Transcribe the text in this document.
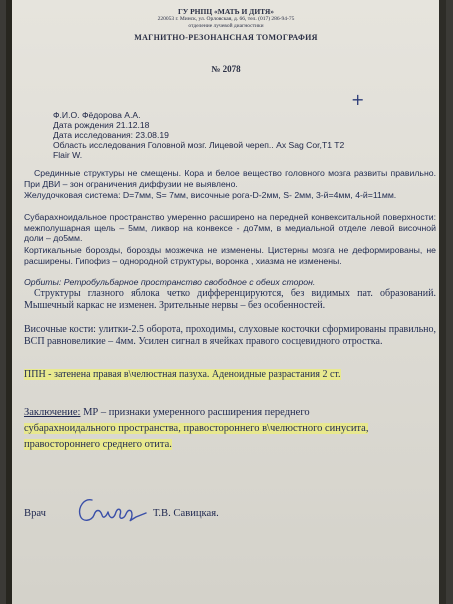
ГУ РНПЦ «МАТЬ И ДИТЯ»
220053 г. Минск, ул. Орловская, д. 66, тел. (017) 286-94-75
отделение лучевой диагностики
МАГНИТНО-РЕЗОНАНСНАЯ ТОМОГРАФИЯ
№ 2078
+
Ф.И.О. Фёдорова А.А.
Дата рождения 21.12.18
Дата исследования: 23.08.19
Область исследования Головной мозг. Лицевой череп.. Ax Sag Cor,T1 T2
Flair W.
Срединные структуры не смещены. Кора и белое вещество головного мозга развиты правильно. При ДВИ – зон ограничения диффузии не выявлено.
Желудочковая система: D=7мм, S= 7мм, височные рога-D-2мм, S- 2мм, 3-й=4мм, 4-й=11мм.
Субарахноидальное пространство умеренно расширено на передней конвекситальной поверхности: межполушарная щель – 5мм, ликвор на конвексе - до7мм, в медиальной отделе левой височной доли – до5мм.
Кортикальные борозды, борозды мозжечка не изменены. Цистерны мозга не деформированы, не расширены. Гипофиз – однородной структуры, воронка , хиазма не изменены.
Орбиты: Ретробульбарное пространство свободное с обеих сторон.
Структуры глазного яблока четко дифференцируются, без видимых пат. образований. Мышечный каркас не изменен. Зрительные нервы – без особенностей.
Височные кости: улитки-2.5 оборота, проходимы, слуховые косточки сформированы правильно, ВСП равновеликие – 4мм. Усилен сигнал в ячейках правого сосцевидного отростка.
ППН - затенена правая в\челюстная пазуха. Аденоидные разрастания 2 ст.
Заключение: МР – признаки умеренного расширения переднего
субарахноидального пространства, правостороннего в\челюстного синусита,
правостороннего среднего отита.
Врач	Т.В. Савицкая.
